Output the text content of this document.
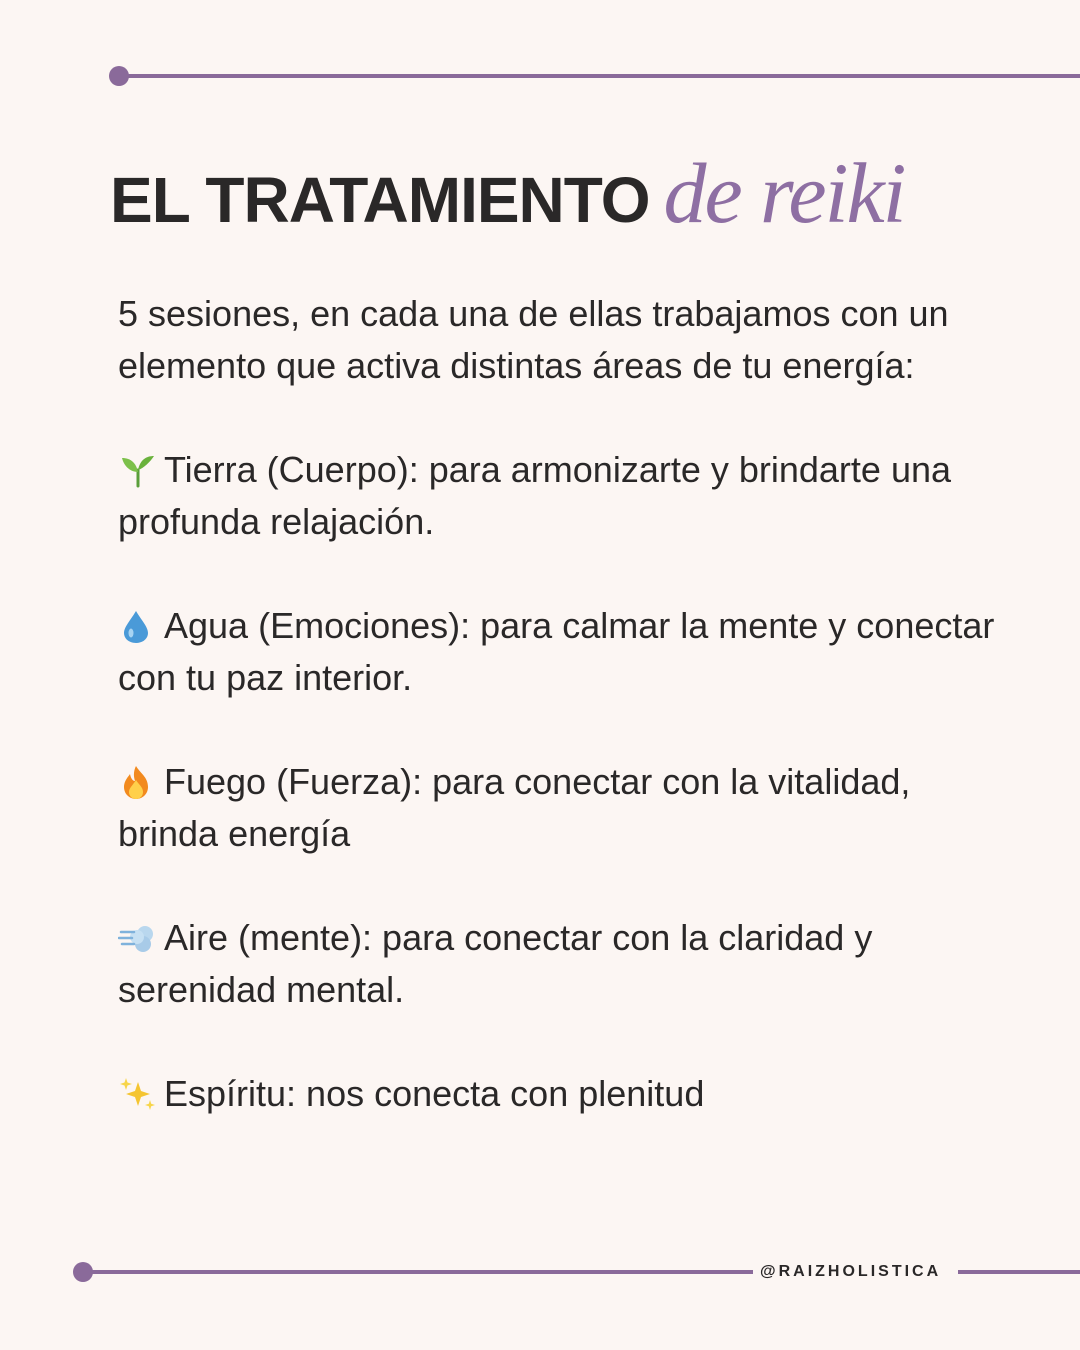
EL TRATAMIENTO de reiki

5 sesiones, en cada una de ellas trabajamos con un elemento que activa distintas áreas de tu energía:

Tierra (Cuerpo): para armonizarte y brindarte una profunda relajación.

Agua (Emociones): para calmar la mente y conectar con tu paz interior.

Fuego (Fuerza): para conectar con la vitalidad, brinda energía

Aire (mente): para conectar con la claridad y serenidad mental.

Espíritu: nos conecta con plenitud

@RAIZHOLISTICA
